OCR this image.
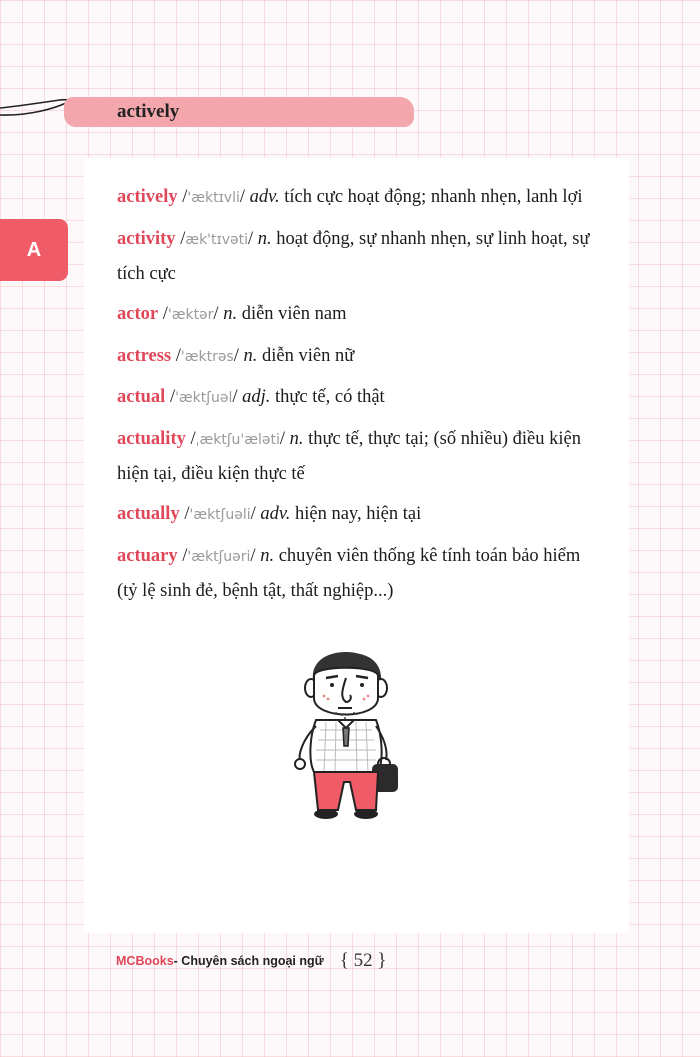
actively
A
actively /'æktɪvli/ adv. tích cực hoạt động; nhanh nhẹn, lanh lợi
activity /æk'tɪvəti/ n. hoạt động, sự nhanh nhẹn, sự linh hoạt, sự tích cực
actor /'æktər/ n. diễn viên nam
actress /'æktrəs/ n. diễn viên nữ
actual /'æktʃuəl/ adj. thực tế, có thật
actuality /ˌæktʃu'æləti/ n. thực tế, thực tại; (số nhiều) điều kiện hiện tại, điều kiện thực tế
actually /'æktʃuəli/ adv. hiện nay, hiện tại
actuary /'æktʃuəri/ n. chuyên viên thống kê tính toán bảo hiểm (tỷ lệ sinh đẻ, bệnh tật, thất nghiệp...)
MCBooks - Chuyên sách ngoại ngữ { 52 }
